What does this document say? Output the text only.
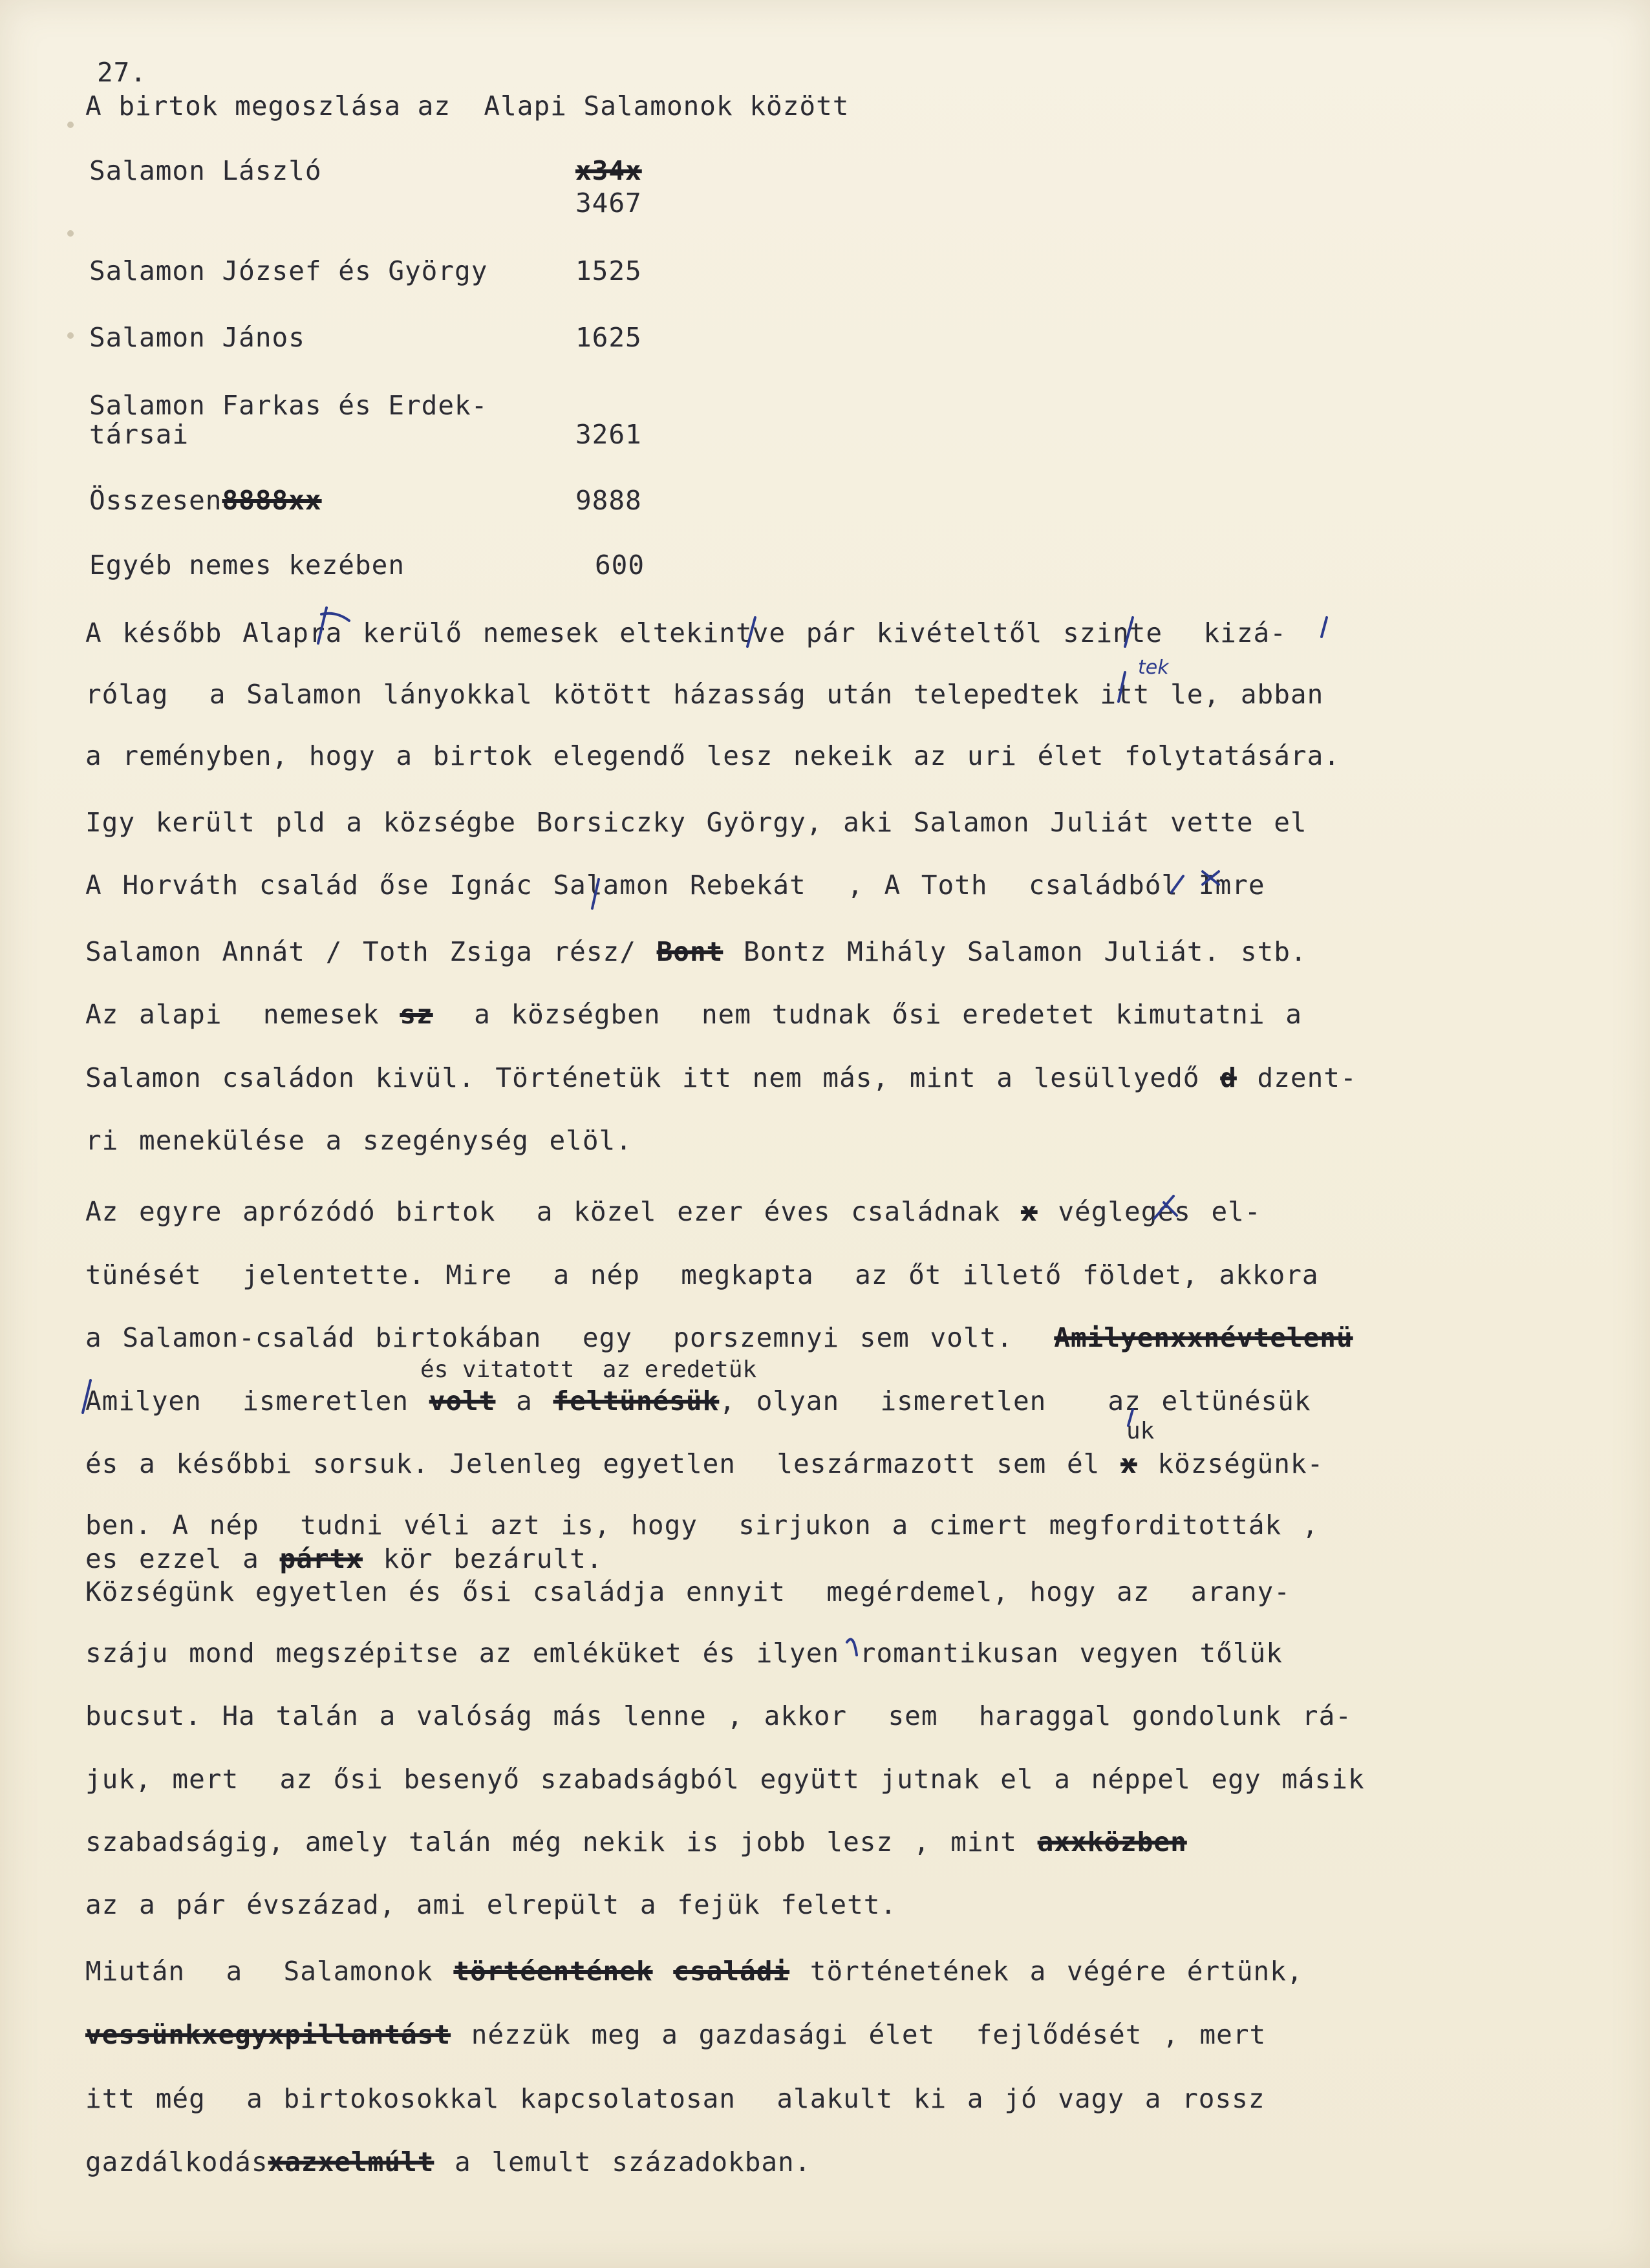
27.
A birtok megoszlása az  Alapi Salamonok között
Salamon László	x34x
3467
Salamon József és György	1525
Salamon János	1625
Salamon Farkas és Erdek-
társai	3261
Összesen8888xx	9888
Egyéb nemes kezében	600
A később Alapra kerülő nemesek eltekintve pár kivételtől szinte  kizá-
rólag  a Salamon lányokkal kötött házasság után telepedtek itt le, abban
a reményben, hogy a birtok elegendő lesz nekeik az uri élet folytatására.
Igy került pld a községbe Borsiczky György, aki Salamon Juliát vette el
A Horváth család őse Ignác Salamon Rebekát  , A Toth  családból Imre
Salamon Annát / Toth Zsiga rész/ Bont Bontz Mihály Salamon Juliát. stb.
Az alapi  nemesek sz  a községben  nem tudnak ősi eredetet kimutatni a
Salamon családon kivül. Történetük itt nem más, mint a lesüllyedő d dzent-
ri menekülése a szegénység elöl.
Az egyre aprózódó birtok  a közel ezer éves családnak x végleges el-
tünését  jelentette. Mire  a nép  megkapta  az őt illető földet, akkora
a Salamon-család birtokában  egy  porszemnyi sem volt.  Amilyenxxnévtelenü
és vitatott  az eredetük
Amilyen  ismeretlen volt a feltünésük, olyan  ismeretlen   az eltünésük
uk
és a későbbi sorsuk. Jelenleg egyetlen  leszármazott sem él x községünk-
ben. A nép  tudni véli azt is, hogy  sirjukon a cimert megforditották ,
es ezzel a pártx kör bezárult.
Községünk egyetlen és ősi családja ennyit  megérdemel, hogy az  arany-
száju mond megszépitse az emléküket és ilyen romantikusan vegyen tőlük
bucsut. Ha talán a valóság más lenne , akkor  sem  haraggal gondolunk rá-
juk, mert  az ősi besenyő szabadságból együtt jutnak el a néppel egy másik
szabadságig, amely talán még nekik is jobb lesz , mint axxközben
az a pár évszázad, ami elrepült a fejük felett.
Miután  a  Salamonok törtéentének családi történetének a végére értünk,
vessünkxegyxpillantást nézzük meg a gazdasági élet  fejlődését , mert
itt még  a birtokosokkal kapcsolatosan  alakult ki a jó vagy a rossz
gazdálkodásxazxelmúlt a lemult századokban.
tek
